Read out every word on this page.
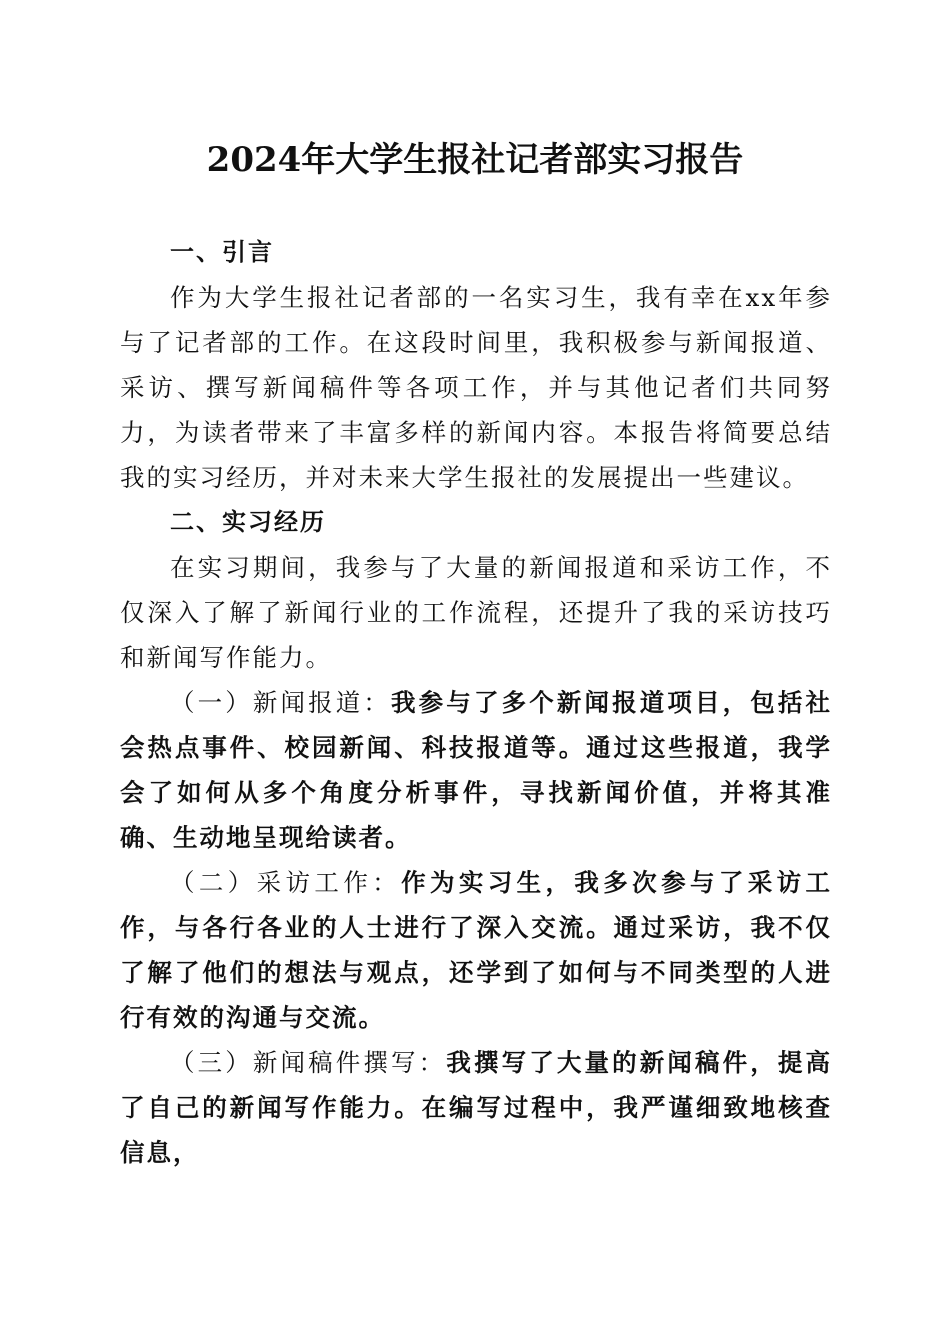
2024年大学生报社记者部实习报告

一、引言

作为大学生报社记者部的一名实习生，我有幸在xx年参与了记者部的工作。在这段时间里，我积极参与新闻报道、采访、撰写新闻稿件等各项工作，并与其他记者们共同努力，为读者带来了丰富多样的新闻内容。本报告将简要总结我的实习经历，并对未来大学生报社的发展提出一些建议。

二、实习经历

在实习期间，我参与了大量的新闻报道和采访工作，不仅深入了解了新闻行业的工作流程，还提升了我的采访技巧和新闻写作能力。

（一）新闻报道：我参与了多个新闻报道项目，包括社会热点事件、校园新闻、科技报道等。通过这些报道，我学会了如何从多个角度分析事件，寻找新闻价值，并将其准确、生动地呈现给读者。

（二）采访工作：作为实习生，我多次参与了采访工作，与各行各业的人士进行了深入交流。通过采访，我不仅了解了他们的想法与观点，还学到了如何与不同类型的人进行有效的沟通与交流。

（三）新闻稿件撰写：我撰写了大量的新闻稿件，提高了自己的新闻写作能力。在编写过程中，我严谨细致地核查信息，
